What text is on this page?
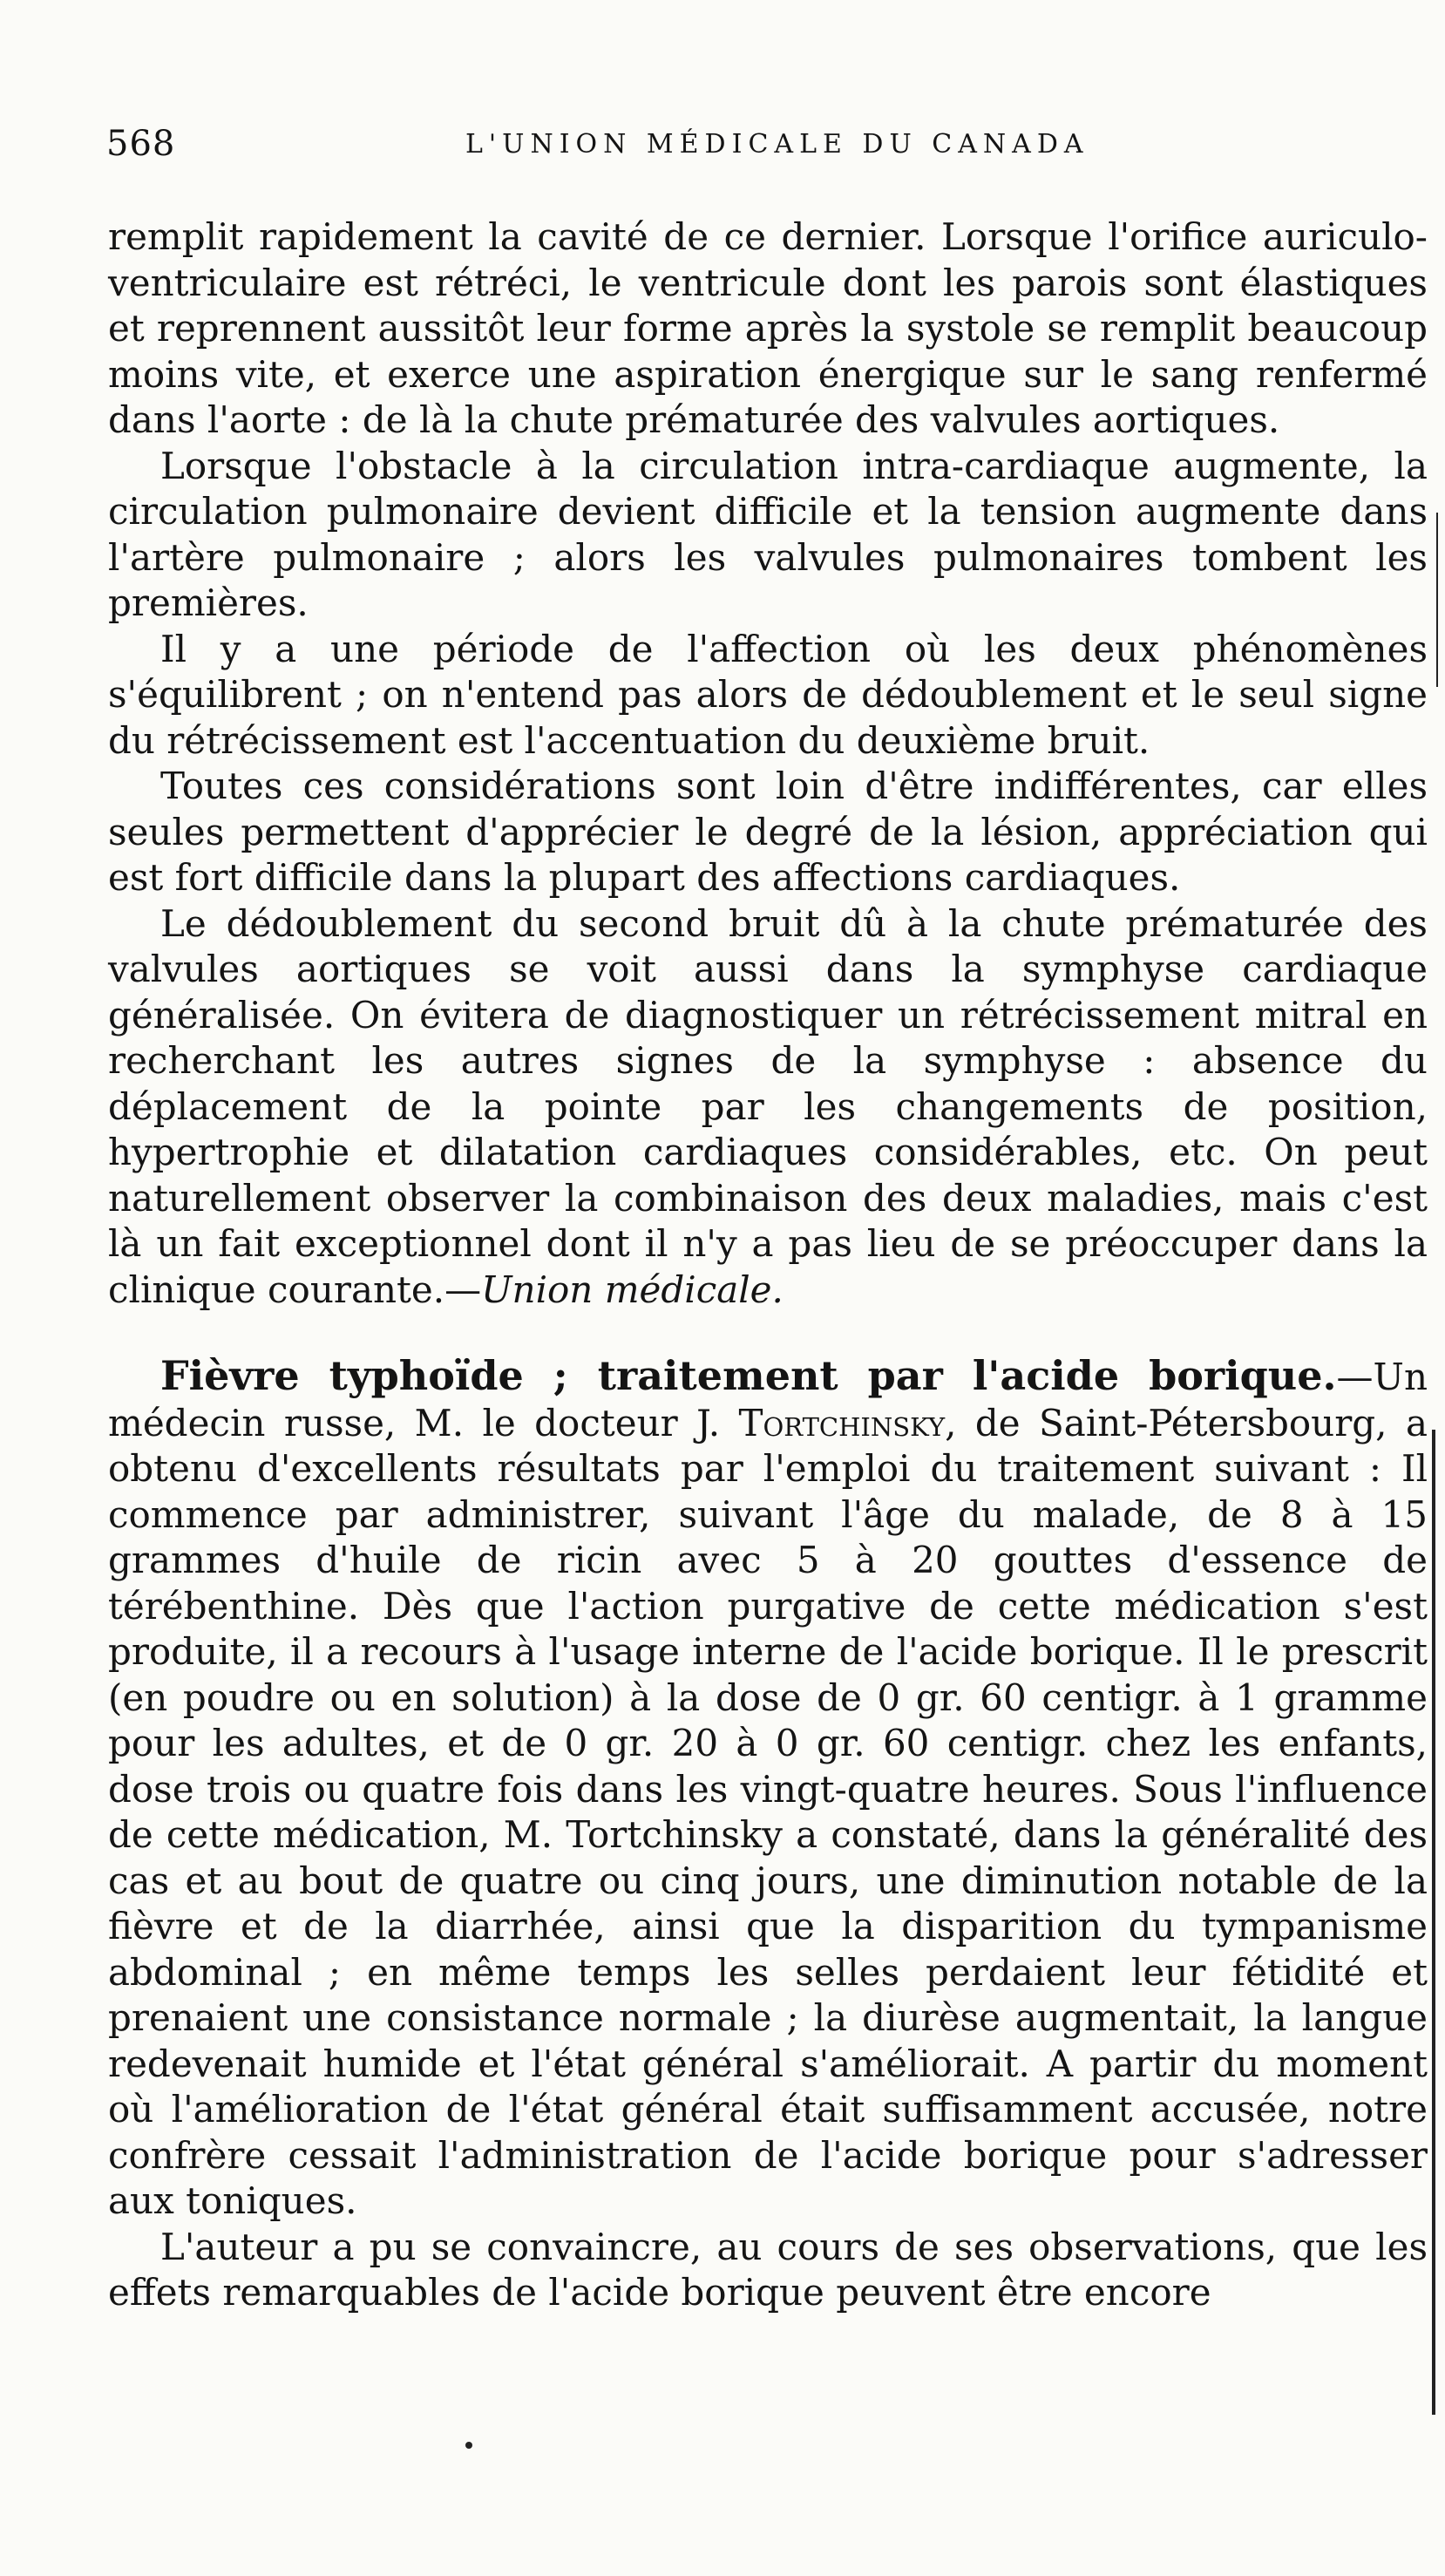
568	L'UNION MÉDICALE DU CANADA

remplit rapidement la cavité de ce dernier. Lorsque l'orifice auriculo-ventriculaire est rétréci, le ventricule dont les parois sont élastiques et reprennent aussitôt leur forme après la systole se remplit beaucoup moins vite, et exerce une aspiration énergique sur le sang renfermé dans l'aorte : de là la chute prématurée des valvules aortiques.

Lorsque l'obstacle à la circulation intra-cardiaque augmente, la circulation pulmonaire devient difficile et la tension augmente dans l'artère pulmonaire ; alors les valvules pulmonaires tombent les premières.

Il y a une période de l'affection où les deux phénomènes s'équilibrent ; on n'entend pas alors de dédoublement et le seul signe du rétrécissement est l'accentuation du deuxième bruit.

Toutes ces considérations sont loin d'être indifférentes, car elles seules permettent d'apprécier le degré de la lésion, appréciation qui est fort difficile dans la plupart des affections cardiaques.

Le dédoublement du second bruit dû à la chute prématurée des valvules aortiques se voit aussi dans la symphyse cardiaque généralisée. On évitera de diagnostiquer un rétrécissement mitral en recherchant les autres signes de la symphyse : absence du déplacement de la pointe par les changements de position, hypertrophie et dilatation cardiaques considérables, etc. On peut naturellement observer la combinaison des deux maladies, mais c'est là un fait exceptionnel dont il n'y a pas lieu de se préoccuper dans la clinique courante.—Union médicale.

Fièvre typhoïde ; traitement par l'acide borique.—Un médecin russe, M. le docteur J. Tortchinsky, de Saint-Pétersbourg, a obtenu d'excellents résultats par l'emploi du traitement suivant : Il commence par administrer, suivant l'âge du malade, de 8 à 15 grammes d'huile de ricin avec 5 à 20 gouttes d'essence de térébenthine. Dès que l'action purgative de cette médication s'est produite, il a recours à l'usage interne de l'acide borique. Il le prescrit (en poudre ou en solution) à la dose de 0 gr. 60 centigr. à 1 gramme pour les adultes, et de 0 gr. 20 à 0 gr. 60 centigr. chez les enfants, dose trois ou quatre fois dans les vingt-quatre heures. Sous l'influence de cette médication, M. Tortchinsky a constaté, dans la généralité des cas et au bout de quatre ou cinq jours, une diminution notable de la fièvre et de la diarrhée, ainsi que la disparition du tympanisme abdominal ; en même temps les selles perdaient leur fétidité et prenaient une consistance normale ; la diurèse augmentait, la langue redevenait humide et l'état général s'améliorait. A partir du moment où l'amélioration de l'état général était suffisamment accusée, notre confrère cessait l'administration de l'acide borique pour s'adresser aux toniques.

L'auteur a pu se convaincre, au cours de ses observations, que les effets remarquables de l'acide borique peuvent être encore
